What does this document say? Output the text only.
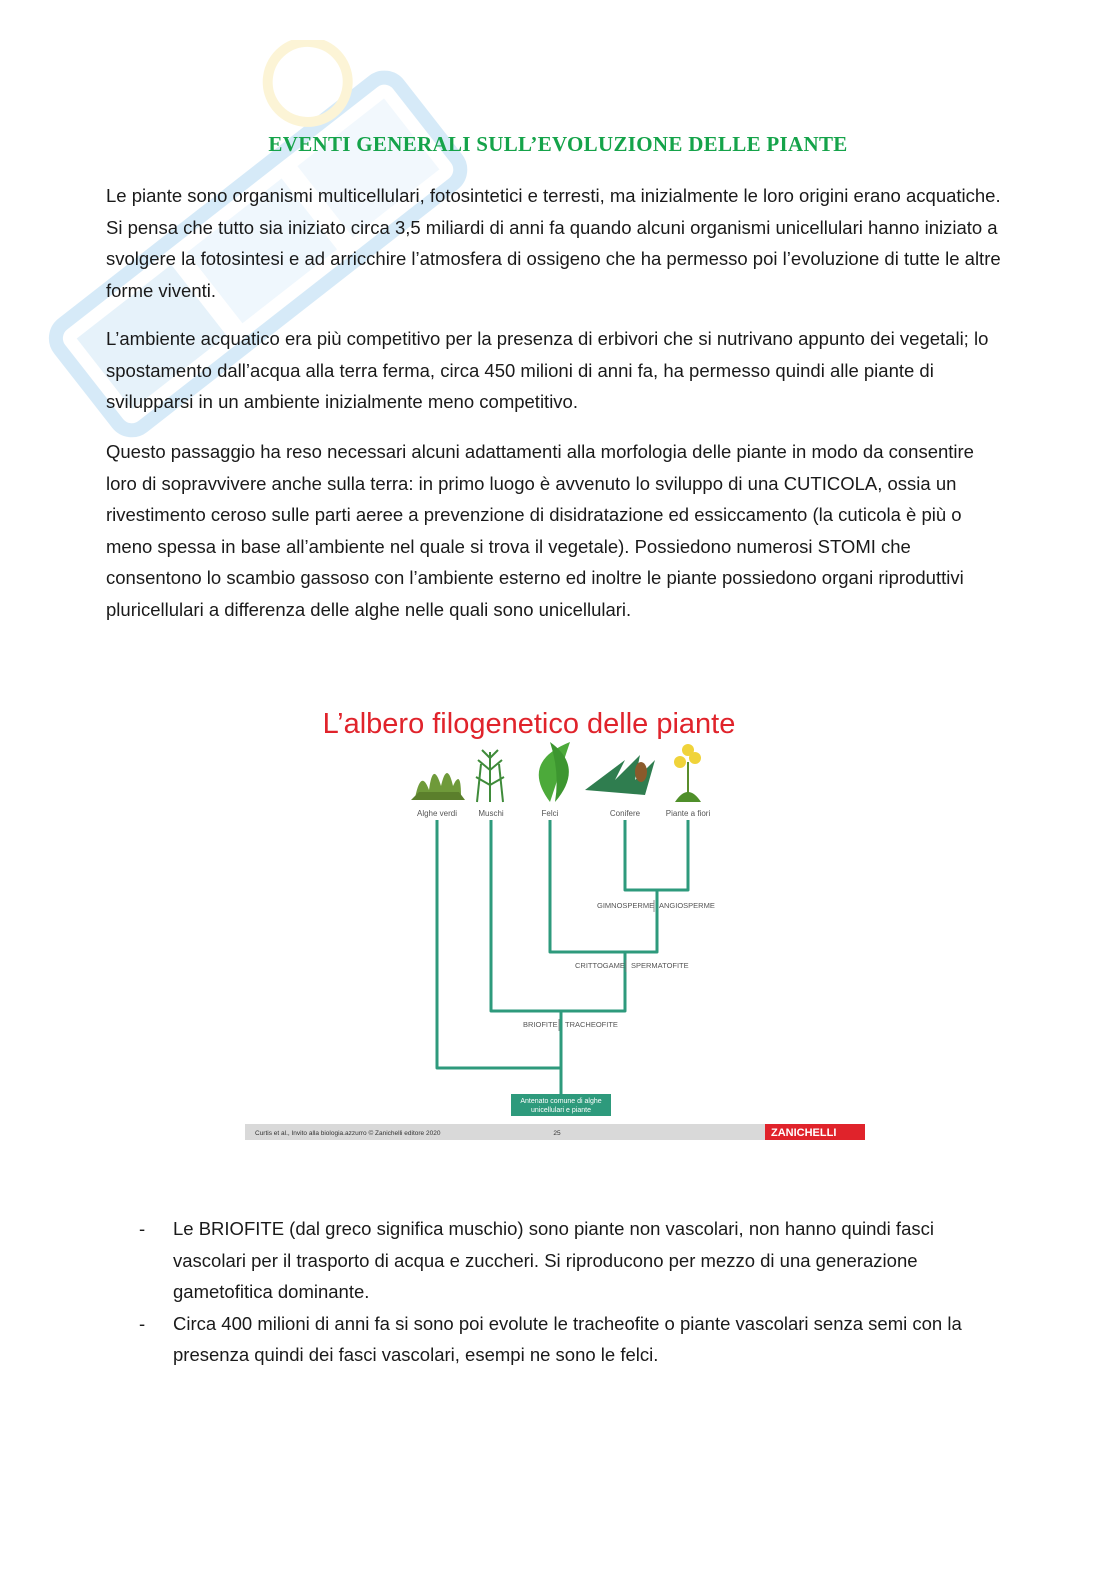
EVENTI GENERALI SULL’EVOLUZIONE DELLE PIANTE

Le piante sono organismi multicellulari, fotosintetici e terresti, ma inizialmente le loro origini erano acquatiche. Si pensa che tutto sia iniziato circa 3,5 miliardi di anni fa quando alcuni organismi unicellulari hanno iniziato a svolgere la fotosintesi e ad arricchire l’atmosfera di ossigeno che ha permesso poi l’evoluzione di tutte le altre forme viventi.

L’ambiente acquatico era più competitivo per la presenza di erbivori che si nutrivano appunto dei vegetali; lo spostamento dall’acqua alla terra ferma, circa 450 milioni di anni fa, ha permesso quindi alle piante di svilupparsi in un ambiente inizialmente meno competitivo.

Questo passaggio ha reso necessari alcuni adattamenti alla morfologia delle piante in modo da consentire loro di sopravvivere anche sulla terra: in primo luogo è avvenuto lo sviluppo di una CUTICOLA, ossia un rivestimento ceroso sulle parti aeree a prevenzione di disidratazione ed essiccamento (la cuticola è più o meno spessa in base all’ambiente nel quale si trova il vegetale). Possiedono numerosi STOMI che consentono lo scambio gassoso con l’ambiente esterno ed inoltre le piante possiedono organi riproduttivi pluricellulari a differenza delle alghe nelle quali sono unicellulari.

L’albero filogenetico delle piante
Alghe verdi	Muschi	Felci	Conifere	Piante a fiori
GIMNOSPERME ANGIOSPERME
CRITTOGAME SPERMATOFITE
BRIOFITE TRACHEOFITE
Antenato comune di alghe
unicellulari e piante
Curtis et al., Invito alla biologia.azzurro © Zanichelli editore 2020	25	ZANICHELLI
- Le BRIOFITE (dal greco significa muschio) sono piante non vascolari, non hanno quindi fasci vascolari per il trasporto di acqua e zuccheri. Si riproducono per mezzo di una generazione gametofitica dominante.
- Circa 400 milioni di anni fa si sono poi evolute le tracheofite o piante vascolari senza semi con la presenza quindi dei fasci vascolari, esempi ne sono le felci.
